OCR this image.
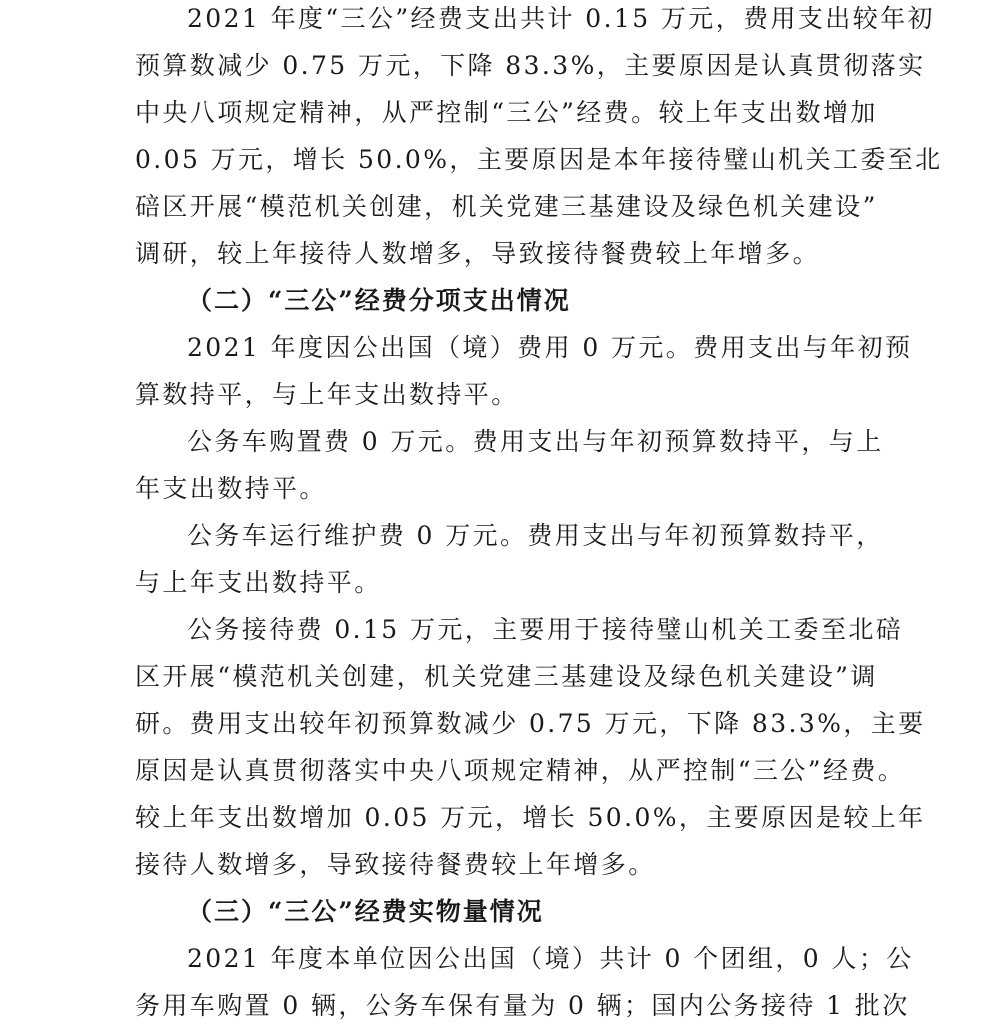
2021 年度“三公”经费支出共计 0.15 万元，费用支出较年初
预算数减少 0.75 万元，下降 83.3%，主要原因是认真贯彻落实
中央八项规定精神，从严控制“三公”经费。较上年支出数增加
0.05 万元，增长 50.0%，主要原因是本年接待璧山机关工委至北
碚区开展“模范机关创建，机关党建三基建设及绿色机关建设”
调研，较上年接待人数增多，导致接待餐费较上年增多。
（二）“三公”经费分项支出情况
2021 年度因公出国（境）费用 0 万元。费用支出与年初预
算数持平，与上年支出数持平。
公务车购置费 0 万元。费用支出与年初预算数持平，与上
年支出数持平。
公务车运行维护费 0 万元。费用支出与年初预算数持平，
与上年支出数持平。
公务接待费 0.15 万元，主要用于接待璧山机关工委至北碚
区开展“模范机关创建，机关党建三基建设及绿色机关建设”调
研。费用支出较年初预算数减少 0.75 万元，下降 83.3%，主要
原因是认真贯彻落实中央八项规定精神，从严控制“三公”经费。
较上年支出数增加 0.05 万元，增长 50.0%，主要原因是较上年
接待人数增多，导致接待餐费较上年增多。
（三）“三公”经费实物量情况
2021 年度本单位因公出国（境）共计 0 个团组，0 人；公
务用车购置 0 辆，公务车保有量为 0 辆；国内公务接待 1 批次
